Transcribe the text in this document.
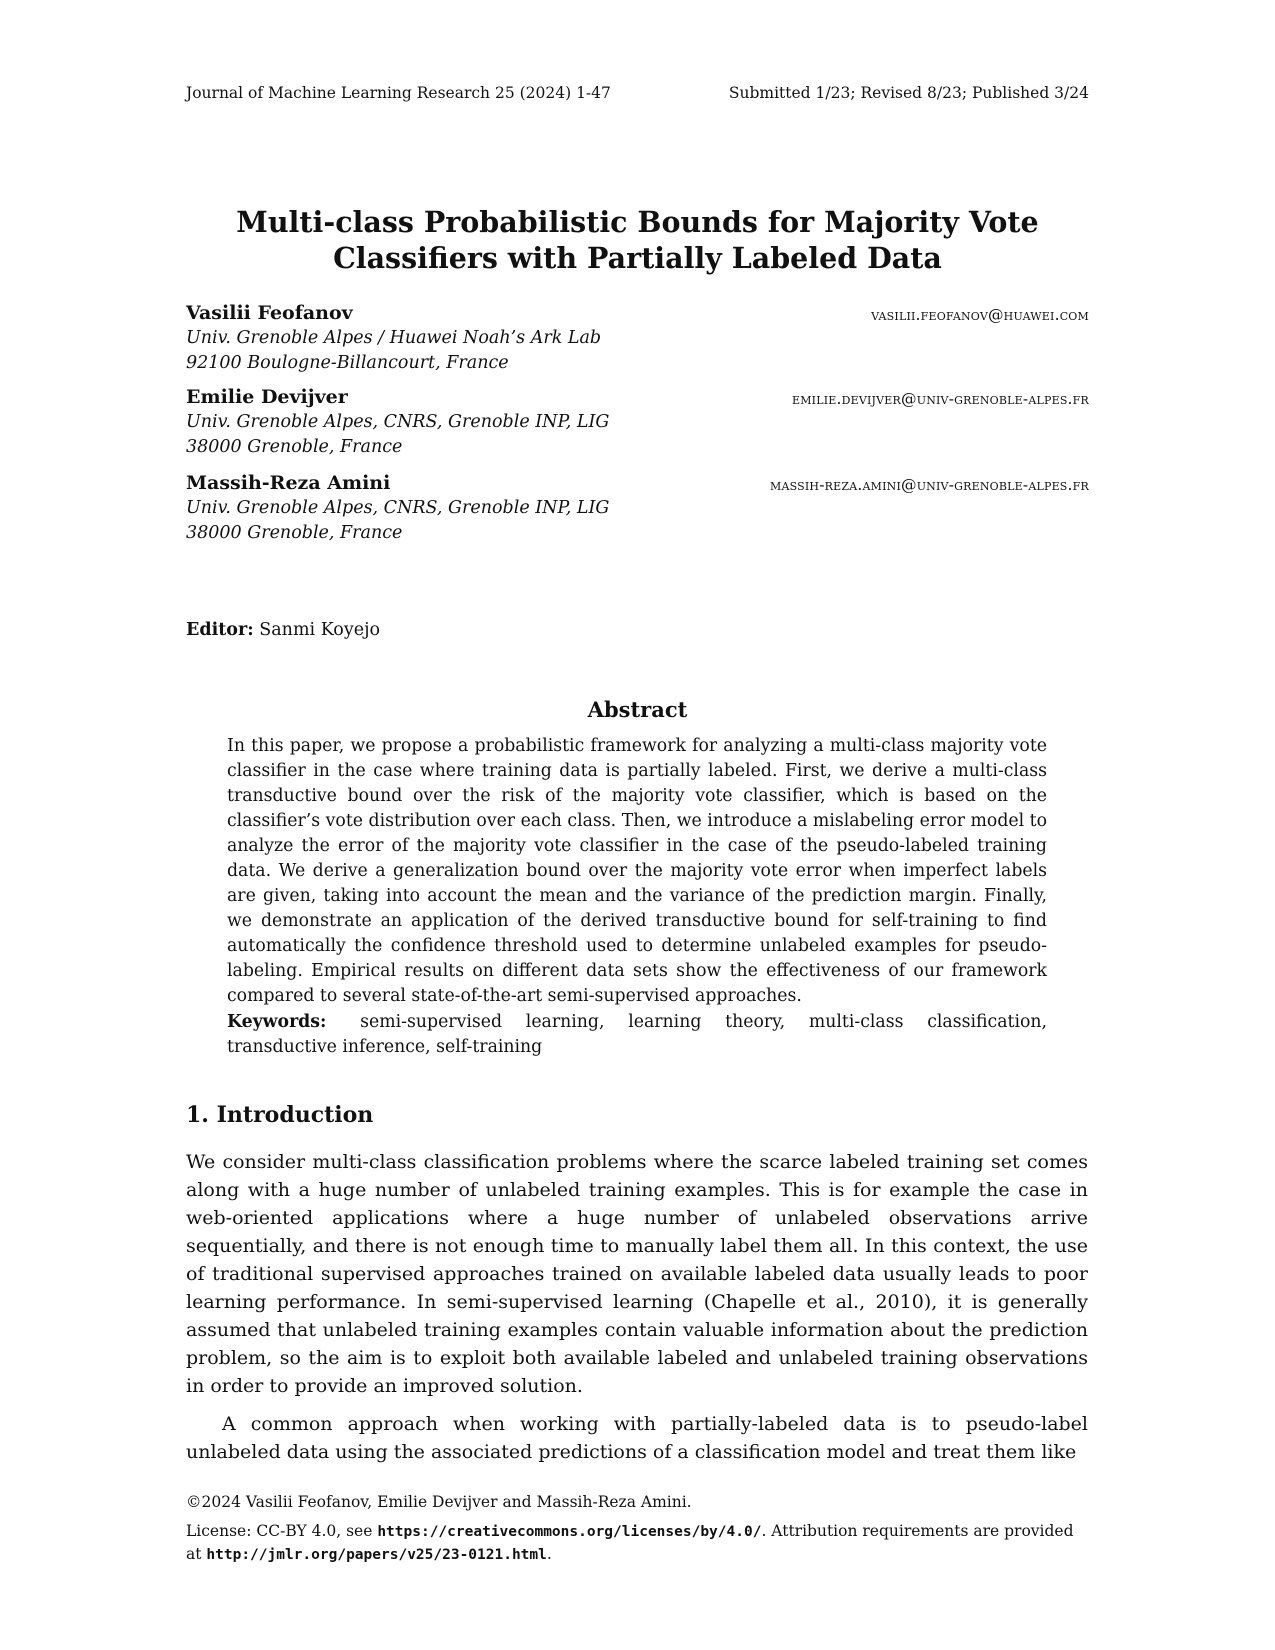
Journal of Machine Learning Research 25 (2024) 1-47	Submitted 1/23; Revised 8/23; Published 3/24
Multi-class Probabilistic Bounds for Majority Vote
Classifiers with Partially Labeled Data
Vasilii Feofanov	vasilii.feofanov@huawei.com
Univ. Grenoble Alpes / Huawei Noah’s Ark Lab
92100 Boulogne-Billancourt, France
Emilie Devijver	emilie.devijver@univ-grenoble-alpes.fr
Univ. Grenoble Alpes, CNRS, Grenoble INP, LIG
38000 Grenoble, France
Massih-Reza Amini	massih-reza.amini@univ-grenoble-alpes.fr
Univ. Grenoble Alpes, CNRS, Grenoble INP, LIG
38000 Grenoble, France
Editor: Sanmi Koyejo
Abstract
In this paper, we propose a probabilistic framework for analyzing a multi-class majority vote classifier in the case where training data is partially labeled. First, we derive a multi-class transductive bound over the risk of the majority vote classifier, which is based on the classifier’s vote distribution over each class. Then, we introduce a mislabeling error model to analyze the error of the majority vote classifier in the case of the pseudo-labeled training data. We derive a generalization bound over the majority vote error when imperfect labels are given, taking into account the mean and the variance of the prediction margin. Finally, we demonstrate an application of the derived transductive bound for self-training to find automatically the confidence threshold used to determine unlabeled examples for pseudo-labeling. Empirical results on different data sets show the effectiveness of our framework compared to several state-of-the-art semi-supervised approaches.
Keywords: semi-supervised learning, learning theory, multi-class classification, transductive inference, self-training
1. Introduction
We consider multi-class classification problems where the scarce labeled training set comes along with a huge number of unlabeled training examples. This is for example the case in web-oriented applications where a huge number of unlabeled observations arrive sequentially, and there is not enough time to manually label them all. In this context, the use of traditional supervised approaches trained on available labeled data usually leads to poor learning performance. In semi-supervised learning (Chapelle et al., 2010), it is generally assumed that unlabeled training examples contain valuable information about the prediction problem, so the aim is to exploit both available labeled and unlabeled training observations in order to provide an improved solution.
A common approach when working with partially-labeled data is to pseudo-label unlabeled data using the associated predictions of a classification model and treat them like
©2024 Vasilii Feofanov, Emilie Devijver and Massih-Reza Amini.
License: CC-BY 4.0, see https://creativecommons.org/licenses/by/4.0/. Attribution requirements are provided at http://jmlr.org/papers/v25/23-0121.html.
